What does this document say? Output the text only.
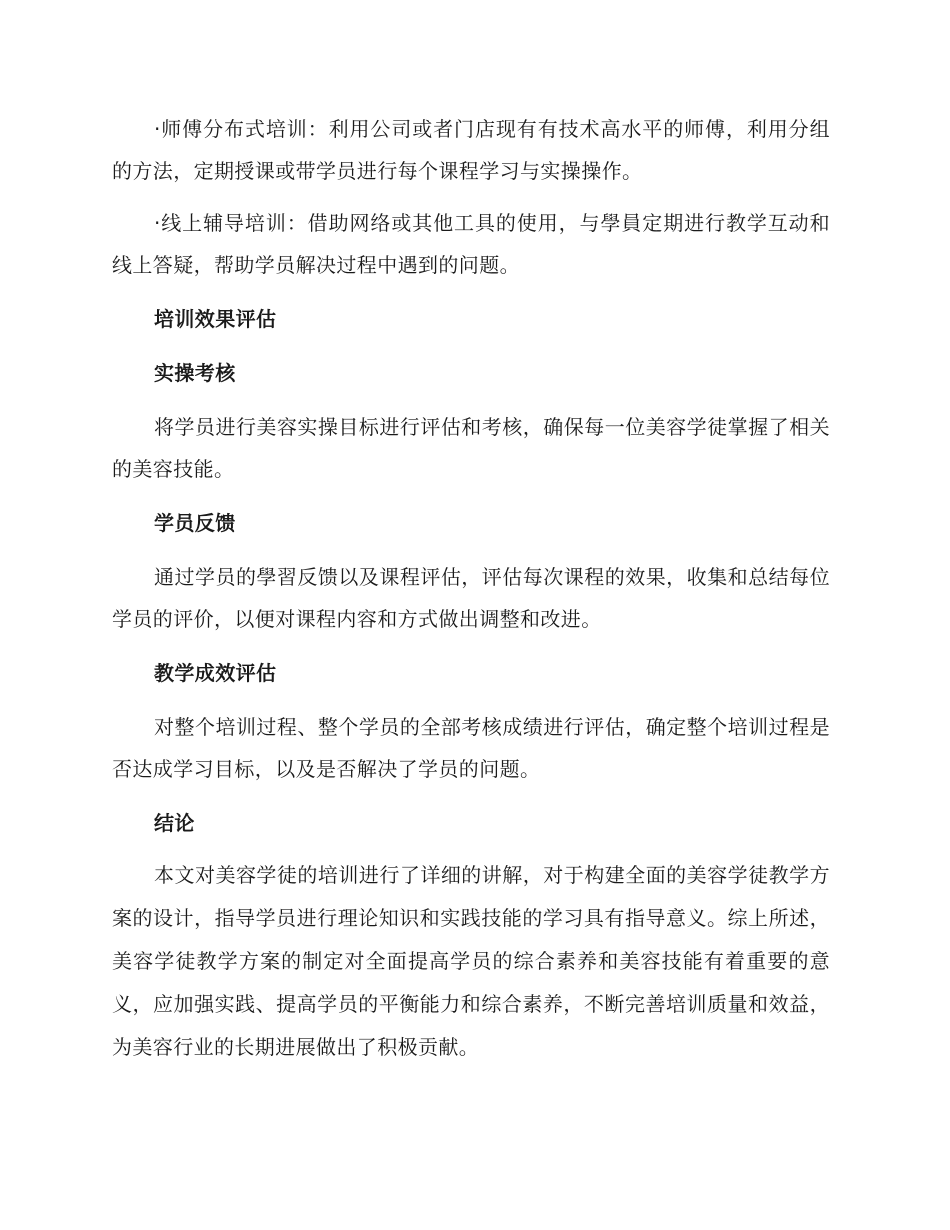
·师傅分布式培训：利用公司或者门店现有有技术高水平的师傅，利用分组的方法，定期授课或带学员进行每个课程学习与实操操作。

·线上辅导培训：借助网络或其他工具的使用，与學員定期进行教学互动和线上答疑，帮助学员解决过程中遇到的问题。

培训效果评估
实操考核

将学员进行美容实操目标进行评估和考核，确保每一位美容学徒掌握了相关的美容技能。

学员反馈

通过学员的學習反馈以及课程评估，评估每次课程的效果，收集和总结每位学员的评价，以便对课程内容和方式做出调整和改进。

教学成效评估

对整个培训过程、整个学员的全部考核成绩进行评估，确定整个培训过程是否达成学习目标，以及是否解决了学员的问题。

结论

本文对美容学徒的培训进行了详细的讲解，对于构建全面的美容学徒教学方案的设计，指导学员进行理论知识和实践技能的学习具有指导意义。综上所述，美容学徒教学方案的制定对全面提高学员的综合素养和美容技能有着重要的意义，应加强实践、提高学员的平衡能力和综合素养，不断完善培训质量和效益，为美容行业的长期进展做出了积极贡献。
